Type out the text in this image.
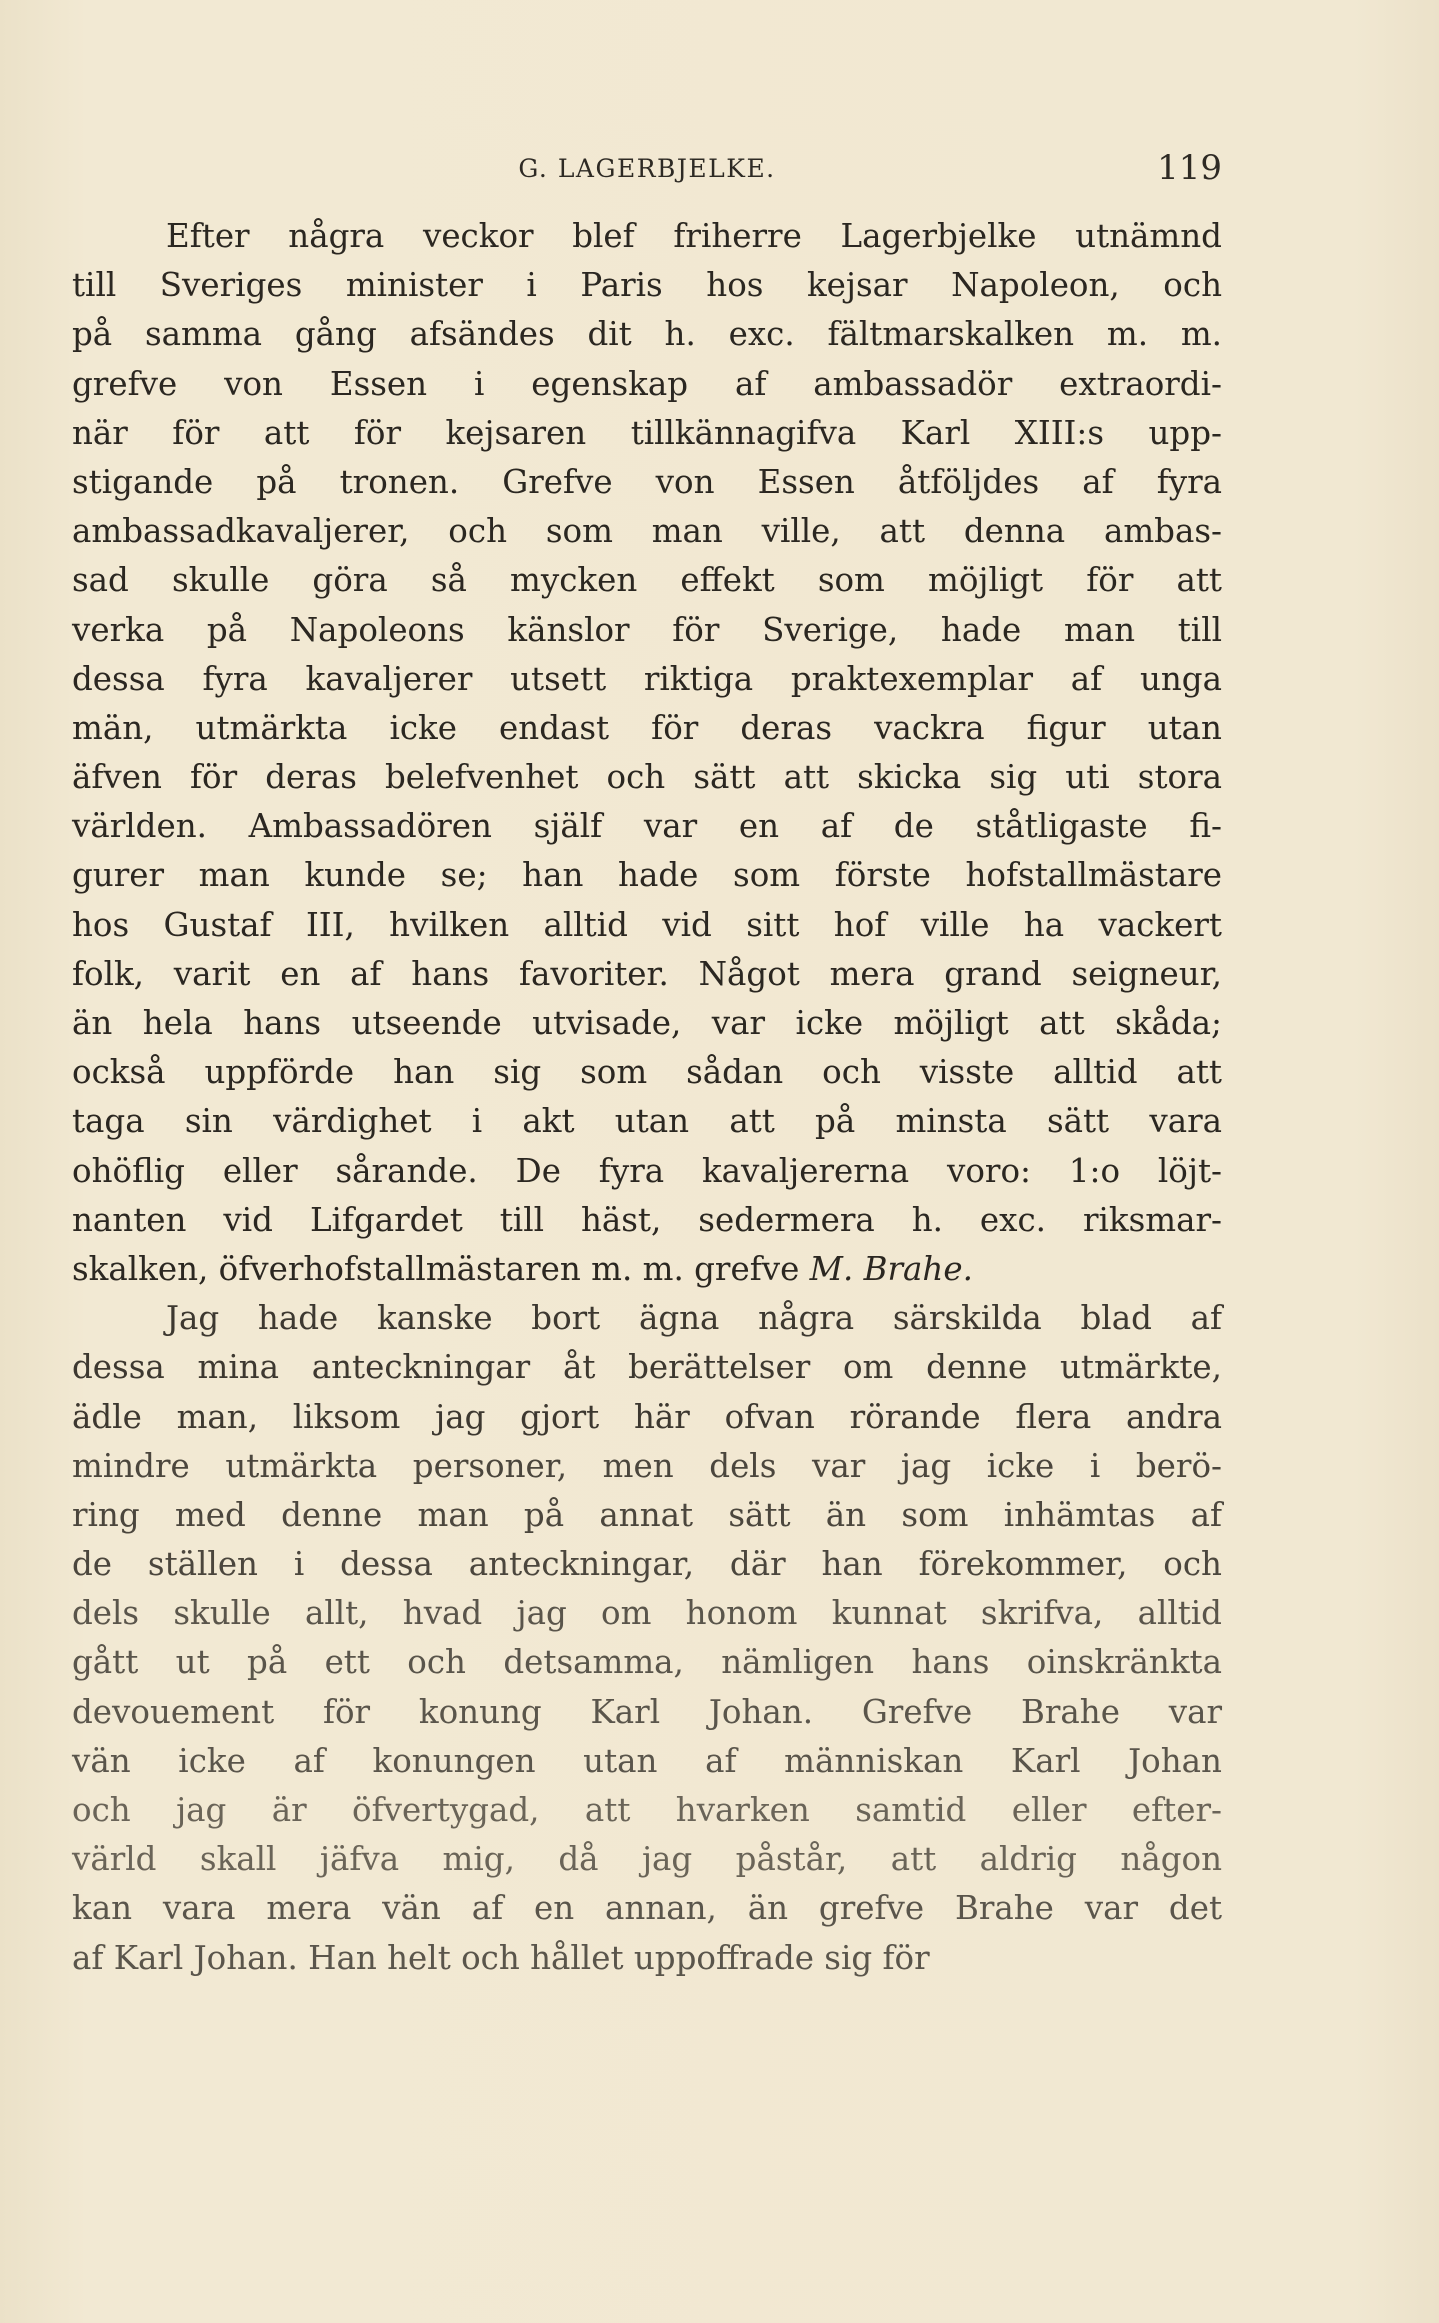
G. LAGERBJELKE.	119
Efter några veckor blef friherre Lagerbjelke utnämnd
till Sveriges minister i Paris hos kejsar Napoleon, och
på samma gång afsändes dit h. exc. fältmarskalken m. m.
grefve von Essen i egenskap af ambassadör extraordi-
när för att för kejsaren tillkännagifva Karl XIII:s upp-
stigande på tronen. Grefve von Essen åtföljdes af fyra
ambassadkavaljerer, och som man ville, att denna ambas-
sad skulle göra så mycken effekt som möjligt för att
verka på Napoleons känslor för Sverige, hade man till
dessa fyra kavaljerer utsett riktiga praktexemplar af unga
män, utmärkta icke endast för deras vackra figur utan
äfven för deras belefvenhet och sätt att skicka sig uti stora
världen. Ambassadören själf var en af de ståtligaste fi-
gurer man kunde se; han hade som förste hofstallmästare
hos Gustaf III, hvilken alltid vid sitt hof ville ha vackert
folk, varit en af hans favoriter. Något mera grand seigneur,
än hela hans utseende utvisade, var icke möjligt att skåda;
också uppförde han sig som sådan och visste alltid att
taga sin värdighet i akt utan att på minsta sätt vara
ohöflig eller sårande. De fyra kavaljererna voro: 1:o löjt-
nanten vid Lifgardet till häst, sedermera h. exc. riksmar-
skalken, öfverhofstallmästaren m. m. grefve M. Brahe.
Jag hade kanske bort ägna några särskilda blad af
dessa mina anteckningar åt berättelser om denne utmärkte,
ädle man, liksom jag gjort här ofvan rörande flera andra
mindre utmärkta personer, men dels var jag icke i berö-
ring med denne man på annat sätt än som inhämtas af
de ställen i dessa anteckningar, där han förekommer, och
dels skulle allt, hvad jag om honom kunnat skrifva, alltid
gått ut på ett och detsamma, nämligen hans oinskränkta
devouement för konung Karl Johan. Grefve Brahe var
vän icke af konungen utan af människan Karl Johan
och jag är öfvertygad, att hvarken samtid eller efter-
värld skall jäfva mig, då jag påstår, att aldrig någon
kan vara mera vän af en annan, än grefve Brahe var det
af Karl Johan. Han helt och hållet uppoffrade sig för
